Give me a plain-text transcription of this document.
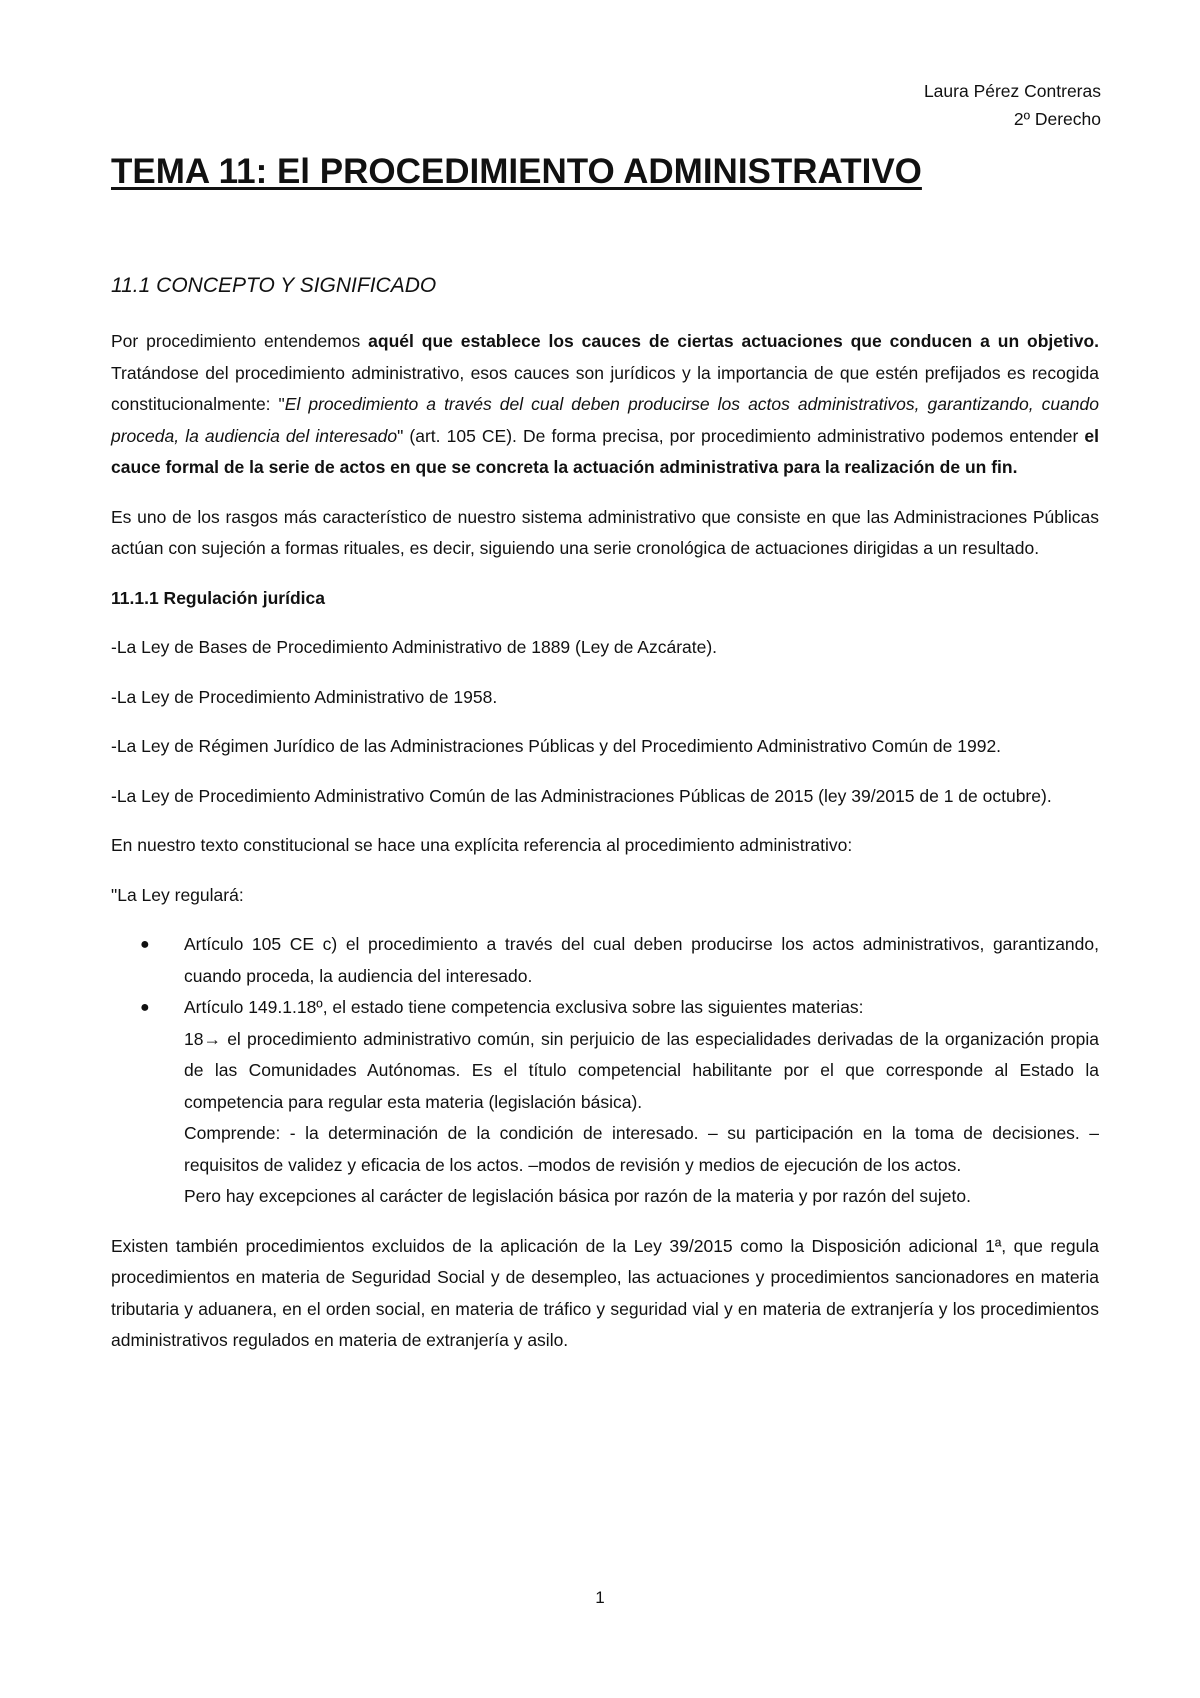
Laura Pérez Contreras
2º Derecho
TEMA 11: El PROCEDIMIENTO ADMINISTRATIVO
11.1 CONCEPTO Y SIGNIFICADO

Por procedimiento entendemos aquél que establece los cauces de ciertas actuaciones que conducen a un objetivo. Tratándose del procedimiento administrativo, esos cauces son jurídicos y la importancia de que estén prefijados es recogida constitucionalmente: "El procedimiento a través del cual deben producirse los actos administrativos, garantizando, cuando proceda, la audiencia del interesado" (art. 105 CE). De forma precisa, por procedimiento administrativo podemos entender el cauce formal de la serie de actos en que se concreta la actuación administrativa para la realización de un fin.

Es uno de los rasgos más característico de nuestro sistema administrativo que consiste en que las Administraciones Públicas actúan con sujeción a formas rituales, es decir, siguiendo una serie cronológica de actuaciones dirigidas a un resultado.

11.1.1 Regulación jurídica

-La Ley de Bases de Procedimiento Administrativo de 1889 (Ley de Azcárate).

-La Ley de Procedimiento Administrativo de 1958.

-La Ley de Régimen Jurídico de las Administraciones Públicas y del Procedimiento Administrativo Común de 1992.

-La Ley de Procedimiento Administrativo Común de las Administraciones Públicas de 2015 (ley 39/2015 de 1 de octubre).

En nuestro texto constitucional se hace una explícita referencia al procedimiento administrativo:

"La Ley regulará:

● Artículo 105 CE c) el procedimiento a través del cual deben producirse los actos administrativos, garantizando, cuando proceda, la audiencia del interesado.
● Artículo 149.1.18º, el estado tiene competencia exclusiva sobre las siguientes materias:
18→ el procedimiento administrativo común, sin perjuicio de las especialidades derivadas de la organización propia de las Comunidades Autónomas. Es el título competencial habilitante por el que corresponde al Estado la competencia para regular esta materia (legislación básica).
Comprende: - la determinación de la condición de interesado. – su participación en la toma de decisiones. – requisitos de validez y eficacia de los actos. –modos de revisión y medios de ejecución de los actos.
Pero hay excepciones al carácter de legislación básica por razón de la materia y por razón del sujeto.

Existen también procedimientos excluidos de la aplicación de la Ley 39/2015 como la Disposición adicional 1ª, que regula procedimientos en materia de Seguridad Social y de desempleo, las actuaciones y procedimientos sancionadores en materia tributaria y aduanera, en el orden social, en materia de tráfico y seguridad vial y en materia de extranjería y los procedimientos administrativos regulados en materia de extranjería y asilo.

1
